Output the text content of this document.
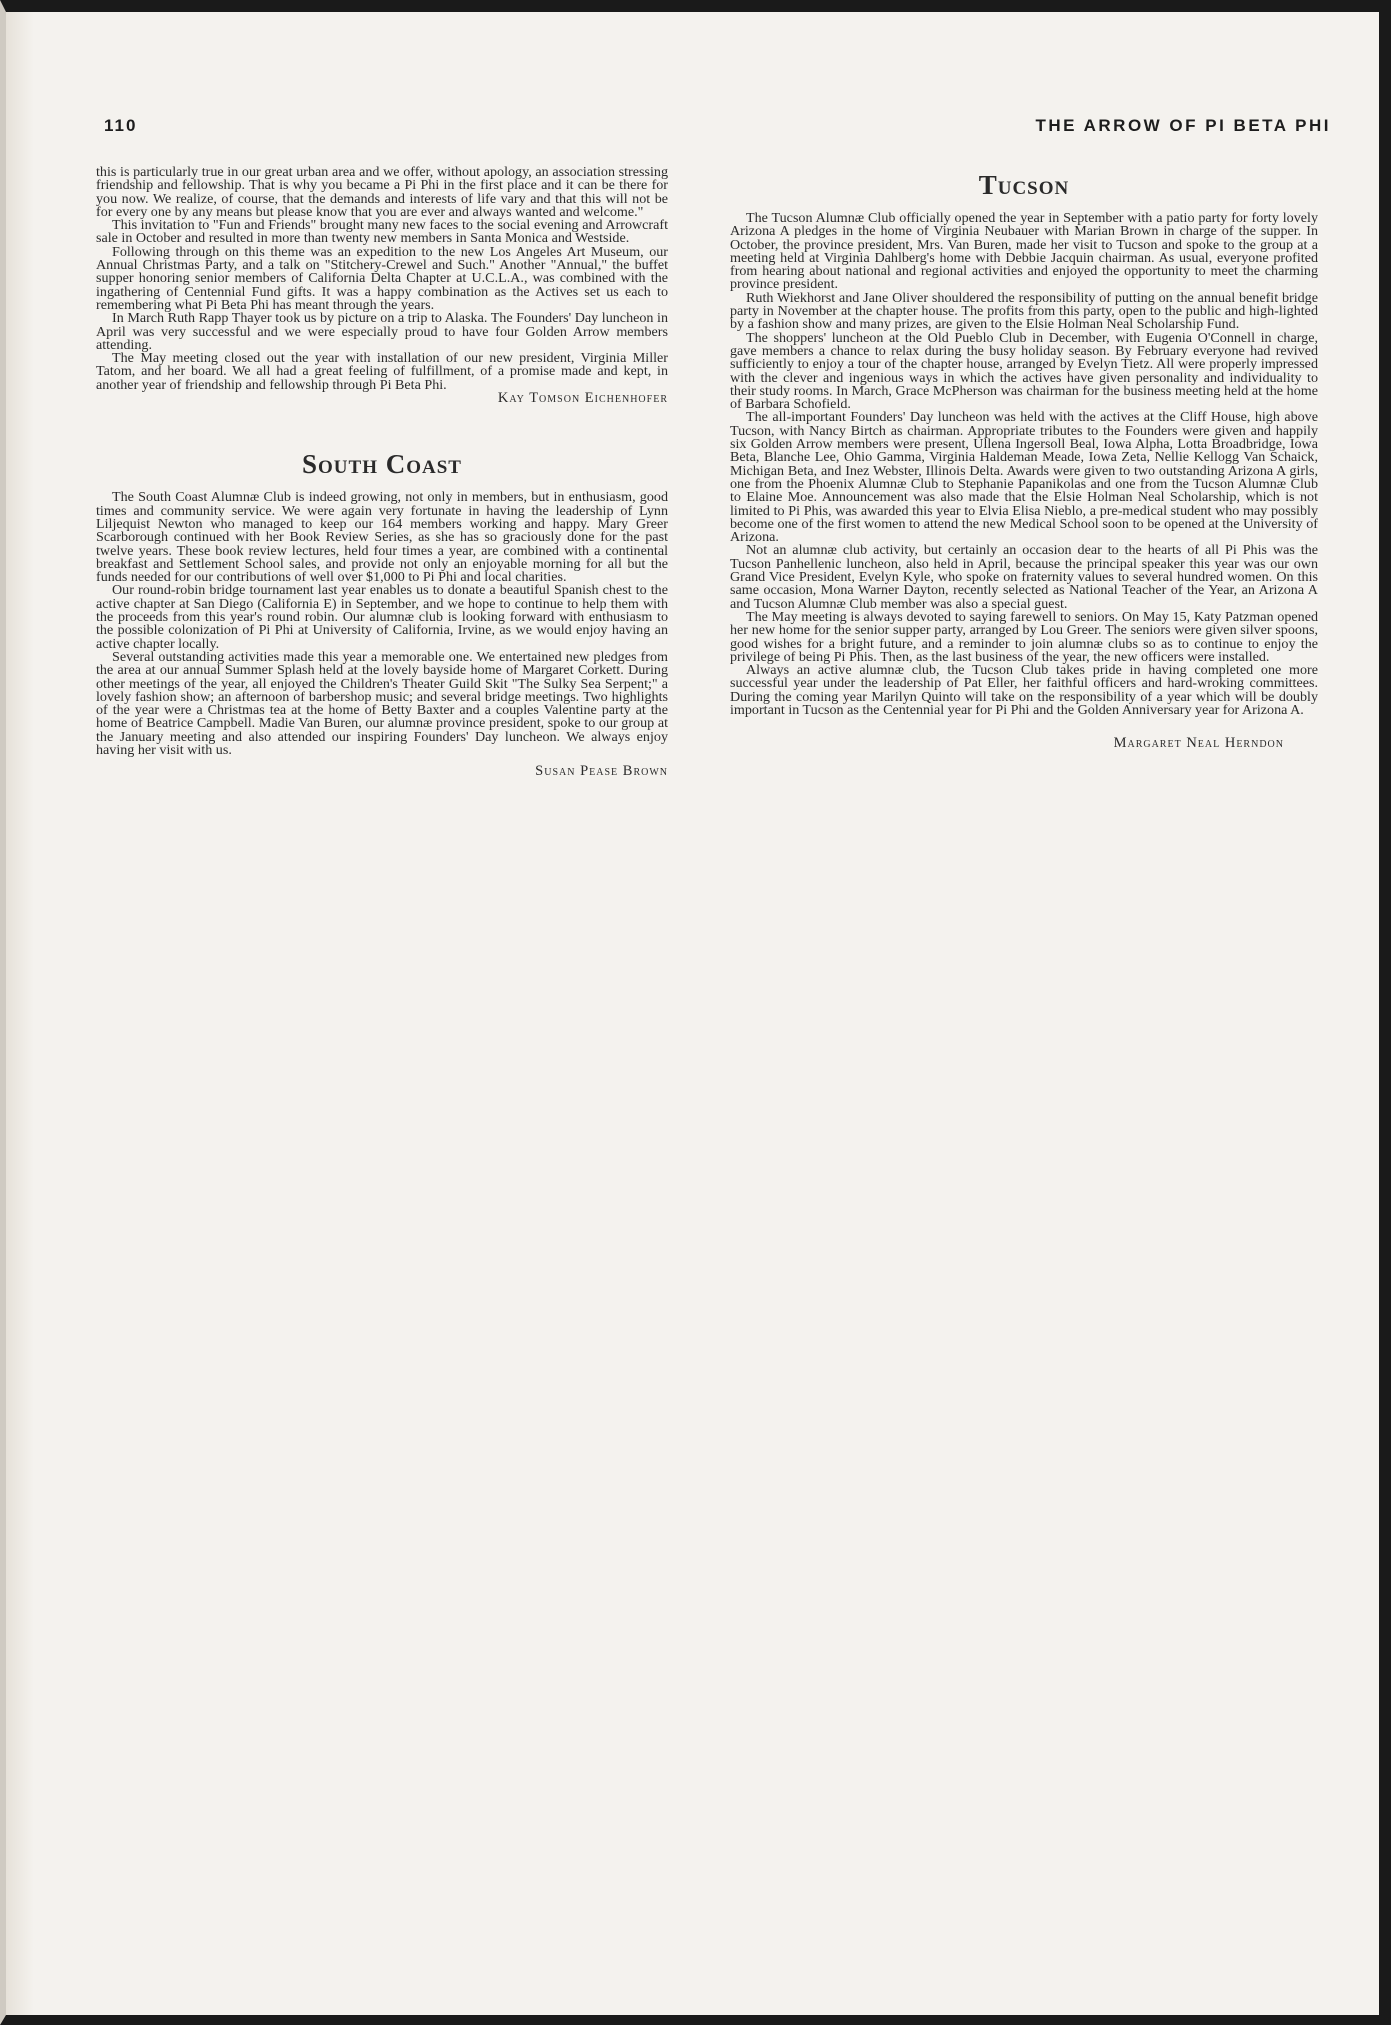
110	THE ARROW OF PI BETA PHI

this is particularly true in our great urban area and we offer, without apology, an association stressing friendship and fellowship. That is why you became a Pi Phi in the first place and it can be there for you now. We realize, of course, that the demands and interests of life vary and that this will not be for every one by any means but please know that you are ever and always wanted and welcome."

This invitation to "Fun and Friends" brought many new faces to the social evening and Arrowcraft sale in October and resulted in more than twenty new members in Santa Monica and Westside.

Following through on this theme was an expedition to the new Los Angeles Art Museum, our Annual Christmas Party, and a talk on "Stitchery-Crewel and Such." Another "Annual," the buffet supper honoring senior members of California Delta Chapter at U.C.L.A., was combined with the ingathering of Centennial Fund gifts. It was a happy combination as the Actives set us each to remembering what Pi Beta Phi has meant through the years.

In March Ruth Rapp Thayer took us by picture on a trip to Alaska. The Founders' Day luncheon in April was very successful and we were especially proud to have four Golden Arrow members attending.

The May meeting closed out the year with installation of our new president, Virginia Miller Tatom, and her board. We all had a great feeling of fulfillment, of a promise made and kept, in another year of friendship and fellowship through Pi Beta Phi.

Kay Tomson Eichenhofer

South Coast

The South Coast Alumnæ Club is indeed growing, not only in members, but in enthusiasm, good times and community service. We were again very fortunate in having the leadership of Lynn Liljequist Newton who managed to keep our 164 members working and happy. Mary Greer Scarborough continued with her Book Review Series, as she has so graciously done for the past twelve years. These book review lectures, held four times a year, are combined with a continental breakfast and Settlement School sales, and provide not only an enjoyable morning for all but the funds needed for our contributions of well over $1,000 to Pi Phi and local charities.

Our round-robin bridge tournament last year enables us to donate a beautiful Spanish chest to the active chapter at San Diego (California E) in September, and we hope to continue to help them with the proceeds from this year's round robin. Our alumnæ club is looking forward with enthusiasm to the possible colonization of Pi Phi at University of California, Irvine, as we would enjoy having an active chapter locally.

Several outstanding activities made this year a memorable one. We entertained new pledges from the area at our annual Summer Splash held at the lovely bayside home of Margaret Corkett. During other meetings of the year, all enjoyed the Children's Theater Guild Skit "The Sulky Sea Serpent;" a lovely fashion show; an afternoon of barbershop music; and several bridge meetings. Two highlights of the year were a Christmas tea at the home of Betty Baxter and a couples Valentine party at the home of Beatrice Campbell. Madie Van Buren, our alumnæ province president, spoke to our group at the January meeting and also attended our inspiring Founders' Day luncheon. We always enjoy having her visit with us.

Susan Pease Brown

Tucson

The Tucson Alumnæ Club officially opened the year in September with a patio party for forty lovely Arizona A pledges in the home of Virginia Neubauer with Marian Brown in charge of the supper. In October, the province president, Mrs. Van Buren, made her visit to Tucson and spoke to the group at a meeting held at Virginia Dahlberg's home with Debbie Jacquin chairman. As usual, everyone profited from hearing about national and regional activities and enjoyed the opportunity to meet the charming province president.

Ruth Wiekhorst and Jane Oliver shouldered the responsibility of putting on the annual benefit bridge party in November at the chapter house. The profits from this party, open to the public and high-lighted by a fashion show and many prizes, are given to the Elsie Holman Neal Scholarship Fund.

The shoppers' luncheon at the Old Pueblo Club in December, with Eugenia O'Connell in charge, gave members a chance to relax during the busy holiday season. By February everyone had revived sufficiently to enjoy a tour of the chapter house, arranged by Evelyn Tietz. All were properly impressed with the clever and ingenious ways in which the actives have given personality and individuality to their study rooms. In March, Grace McPherson was chairman for the business meeting held at the home of Barbara Schofield.

The all-important Founders' Day luncheon was held with the actives at the Cliff House, high above Tucson, with Nancy Birtch as chairman. Appropriate tributes to the Founders were given and happily six Golden Arrow members were present, Ullena Ingersoll Beal, Iowa Alpha, Lotta Broadbridge, Iowa Beta, Blanche Lee, Ohio Gamma, Virginia Haldeman Meade, Iowa Zeta, Nellie Kellogg Van Schaick, Michigan Beta, and Inez Webster, Illinois Delta. Awards were given to two outstanding Arizona A girls, one from the Phoenix Alumnæ Club to Stephanie Papanikolas and one from the Tucson Alumnæ Club to Elaine Moe. Announcement was also made that the Elsie Holman Neal Scholarship, which is not limited to Pi Phis, was awarded this year to Elvia Elisa Nieblo, a pre-medical student who may possibly become one of the first women to attend the new Medical School soon to be opened at the University of Arizona.

Not an alumnæ club activity, but certainly an occasion dear to the hearts of all Pi Phis was the Tucson Panhellenic luncheon, also held in April, because the principal speaker this year was our own Grand Vice President, Evelyn Kyle, who spoke on fraternity values to several hundred women. On this same occasion, Mona Warner Dayton, recently selected as National Teacher of the Year, an Arizona A and Tucson Alumnæ Club member was also a special guest.

The May meeting is always devoted to saying farewell to seniors. On May 15, Katy Patzman opened her new home for the senior supper party, arranged by Lou Greer. The seniors were given silver spoons, good wishes for a bright future, and a reminder to join alumnæ clubs so as to continue to enjoy the privilege of being Pi Phis. Then, as the last business of the year, the new officers were installed.

Always an active alumnæ club, the Tucson Club takes pride in having completed one more successful year under the leadership of Pat Eller, her faithful officers and hard-wroking committees. During the coming year Marilyn Quinto will take on the responsibility of a year which will be doubly important in Tucson as the Centennial year for Pi Phi and the Golden Anniversary year for Arizona A.

Margaret Neal Herndon
